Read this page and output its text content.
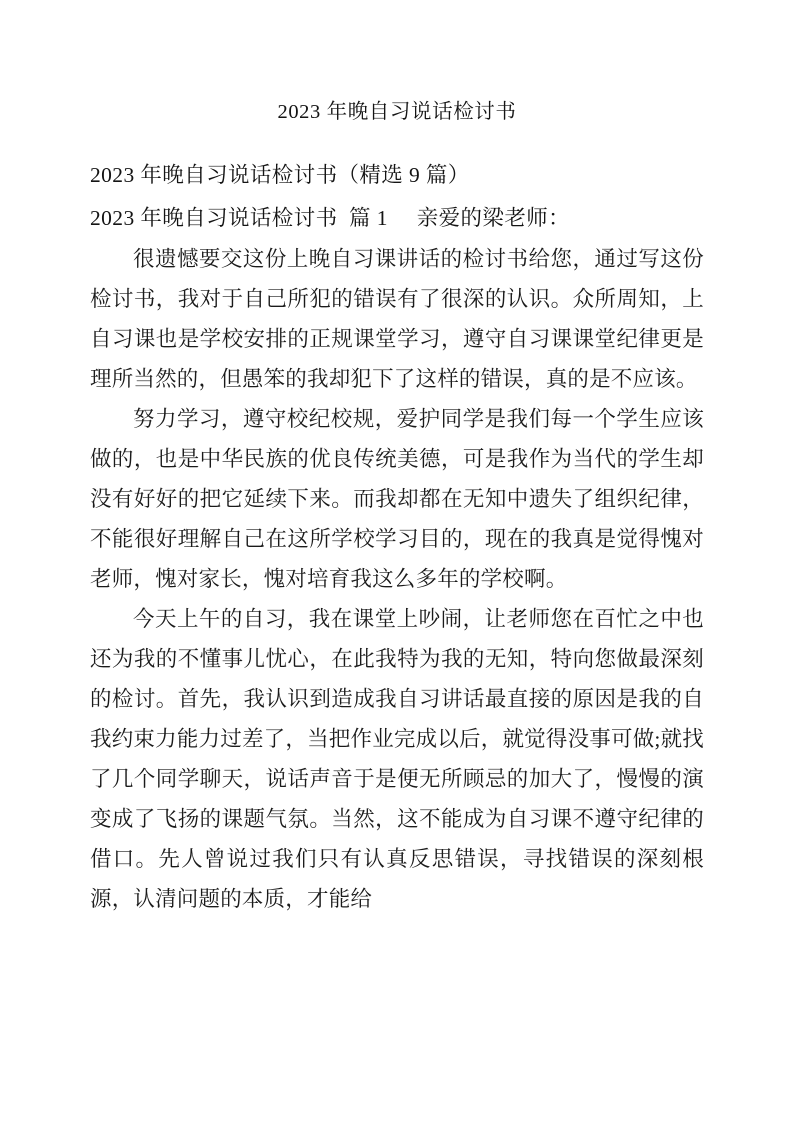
2023 年晚自习说话检讨书
2023 年晚自习说话检讨书（精选 9 篇）
2023 年晚自习说话检讨书  篇 1     亲爱的梁老师：

很遗憾要交这份上晚自习课讲话的检讨书给您，通过写这份检讨书，我对于自己所犯的错误有了很深的认识。众所周知，上自习课也是学校安排的正规课堂学习，遵守自习课课堂纪律更是理所当然的，但愚笨的我却犯下了这样的错误，真的是不应该。

努力学习，遵守校纪校规，爱护同学是我们每一个学生应该做的，也是中华民族的优良传统美德，可是我作为当代的学生却没有好好的把它延续下来。而我却都在无知中遗失了组织纪律，不能很好理解自己在这所学校学习目的，现在的我真是觉得愧对老师，愧对家长，愧对培育我这么多年的学校啊。

今天上午的自习，我在课堂上吵闹，让老师您在百忙之中也还为我的不懂事儿忧心，在此我特为我的无知，特向您做最深刻的检讨。首先，我认识到造成我自习讲话最直接的原因是我的自我约束力能力过差了，当把作业完成以后，就觉得没事可做;就找了几个同学聊天，说话声音于是便无所顾忌的加大了，慢慢的演变成了飞扬的课题气氛。当然，这不能成为自习课不遵守纪律的借口。先人曾说过我们只有认真反思错误，寻找错误的深刻根源，认清问题的本质，才能给
